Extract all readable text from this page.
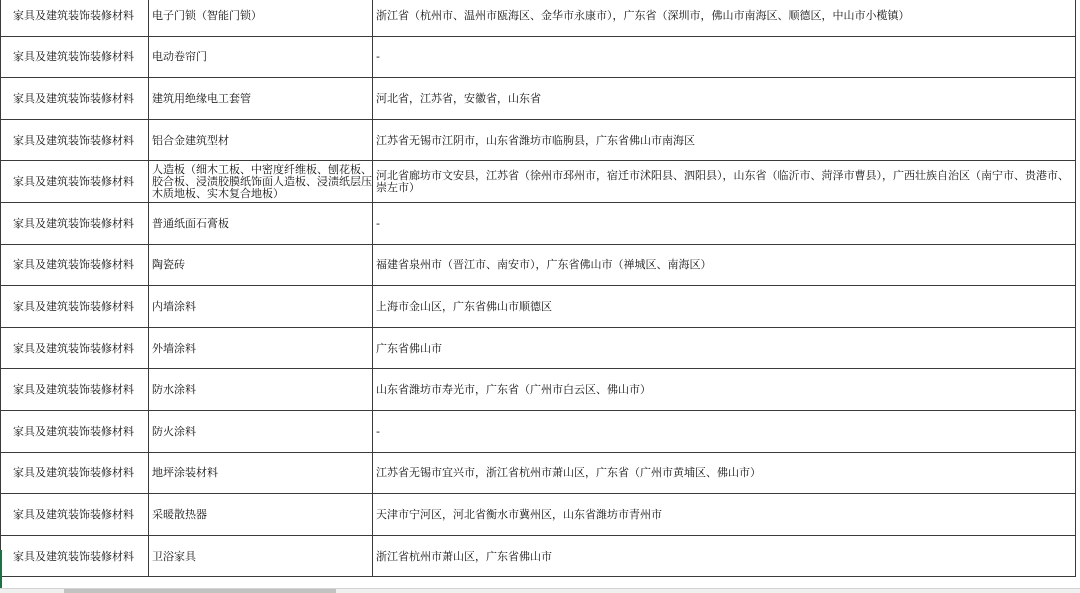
家具及建筑装饰装修材料	电子门锁（智能门锁）	浙江省（杭州市、温州市瓯海区、金华市永康市），广东省（深圳市，佛山市南海区、顺德区，中山市小榄镇）
家具及建筑装饰装修材料	电动卷帘门	-
家具及建筑装饰装修材料	建筑用绝缘电工套管	河北省，江苏省，安徽省，山东省
家具及建筑装饰装修材料	铝合金建筑型材	江苏省无锡市江阴市，山东省潍坊市临朐县，广东省佛山市南海区
家具及建筑装饰装修材料	人造板（细木工板、中密度纤维板、刨花板、胶合板、浸渍胶膜纸饰面人造板、浸渍纸层压木质地板、实木复合地板）	河北省廊坊市文安县，江苏省（徐州市邳州市，宿迁市沭阳县、泗阳县），山东省（临沂市、菏泽市曹县），广西壮族自治区（南宁市、贵港市、崇左市）
家具及建筑装饰装修材料	普通纸面石膏板	-
家具及建筑装饰装修材料	陶瓷砖	福建省泉州市（晋江市、南安市），广东省佛山市（禅城区、南海区）
家具及建筑装饰装修材料	内墙涂料	上海市金山区，广东省佛山市顺德区
家具及建筑装饰装修材料	外墙涂料	广东省佛山市
家具及建筑装饰装修材料	防水涂料	山东省潍坊市寿光市，广东省（广州市白云区、佛山市）
家具及建筑装饰装修材料	防火涂料	-
家具及建筑装饰装修材料	地坪涂装材料	江苏省无锡市宜兴市，浙江省杭州市萧山区，广东省（广州市黄埔区、佛山市）
家具及建筑装饰装修材料	采暖散热器	天津市宁河区，河北省衡水市冀州区，山东省潍坊市青州市
家具及建筑装饰装修材料	卫浴家具	浙江省杭州市萧山区，广东省佛山市
